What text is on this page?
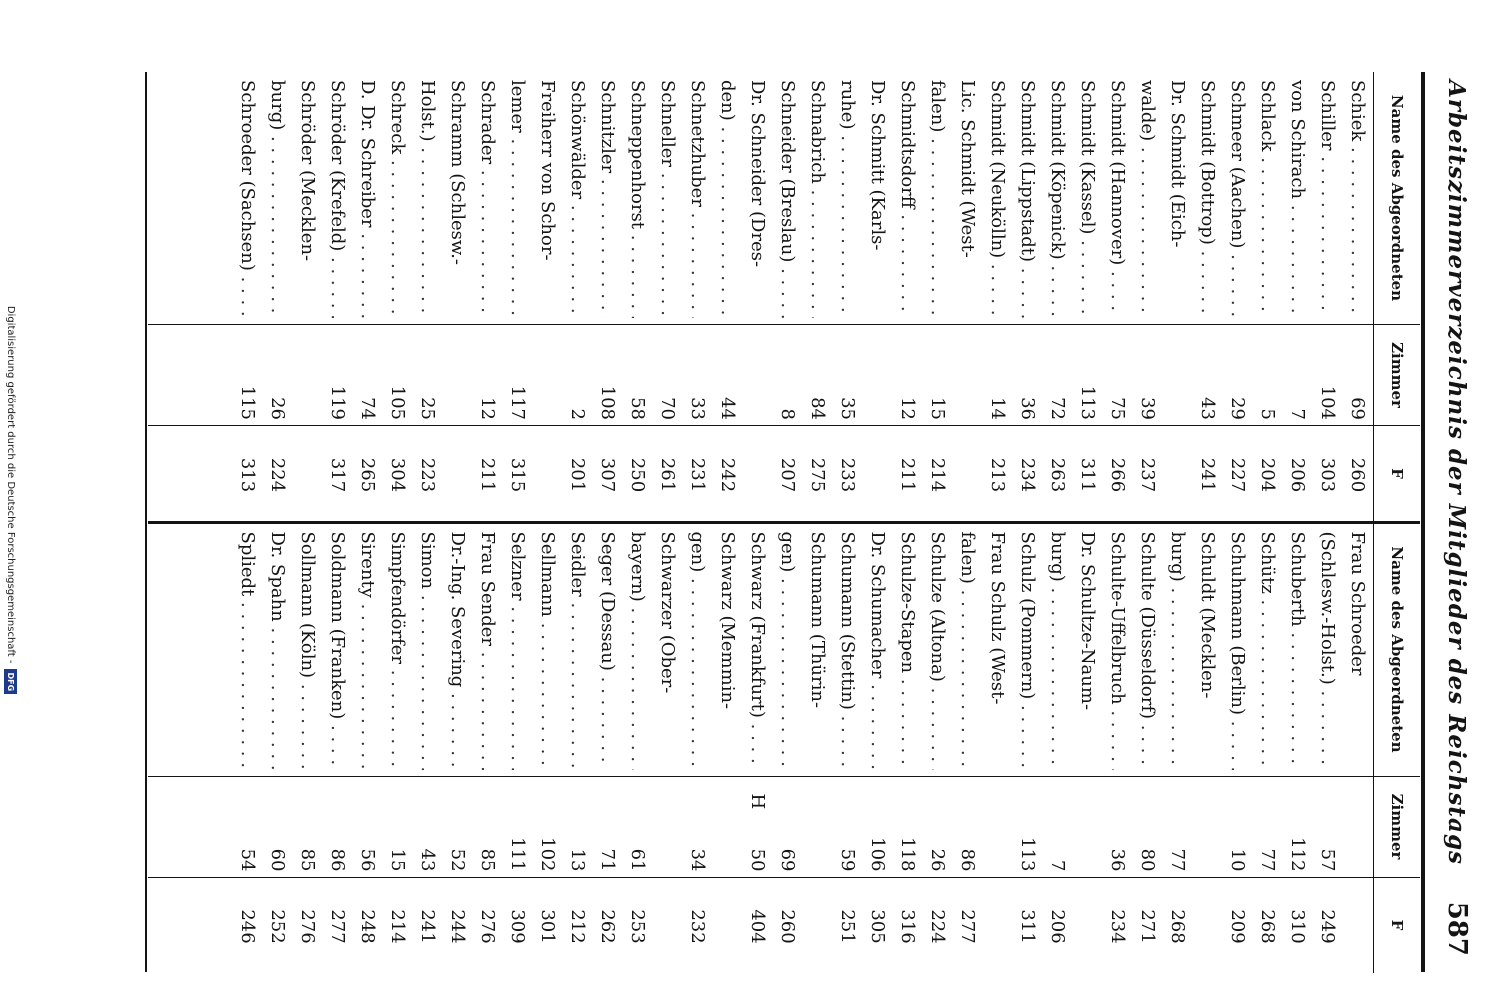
Arbeitszimmerverzeichnis der Mitglieder des Reichstags
587
Name des Abgeordneten
Zimmer
F
Schiek . . .
69
260
Schiller . . .
104
303
von Schirach . . .
7
206
Schlack . . .
5
204
Schmeer (Aachen) . . .
29
227
Schmidt (Bottrop) . . .
43
241
Dr. Schmidt (Eich-
walde) . . .
39
237
Schmidt (Hannover) . . .
75
266
Schmidt (Kassel) . . .
113
311
Schmidt (Köpenick) . . .
72
263
Schmidt (Lippstadt) . . .
36
234
Schmidt (Neukölln) . . .
14
213
Lic. Schmidt (West-
falen) . . .
15
214
Schmidtsdorff . . .
12
211
Dr. Schmitt (Karls-
ruhe) . . .
35
233
Schnabrich . . .
84
275
Schneider (Breslau) . . .
8
207
Dr. Schneider (Dres-
den) . . .
44
242
Schnetzhuber . . .
33
231
Schneller . . .
70
261
Schneppenhorst . . .
58
250
Schnitzler . . .
108
307
Schönwälder . . .
2
201
Freiherr von Schor-
lemer . . .
117
315
Schrader . . .
12
211
Schramm (Schlesw.-
Holst.) . . .
25
223
Schreck . . .
105
304
D. Dr. Schreiber . . .
74
265
Schröder (Krefeld) . . .
119
317
Schröder (Mecklen-
burg) . . .
26
224
Schroeder (Sachsen) . . .
115
313
Name des Abgeordneten
Zimmer
F
Frau Schroeder
(Schlesw.-Holst.) . . .
57
249
Schuberth . . .
112
310
Schütz . . .
77
268
Schuhmann (Berlin) . . .
10
209
Schuldt (Mecklen-
burg) . . .
77
268
Schulte (Düsseldorf) . . .
80
271
Schulte-Uffelbruch . . .
36
234
Dr. Schultze-Naum-
burg) . . .
7
206
Schulz (Pommern) . . .
113
311
Frau Schulz (West-
falen) . . .
86
277
Schulze (Altona) . . .
26
224
Schulze-Stapen . . .
118
316
Dr. Schumacher . . .
106
305
Schumann (Stettin) . . .
59
251
Schumann (Thürin-
gen) . . .
69
260
Schwarz (Frankfurt) . . .
H
50
404
Schwarz (Memmin-
gen) . . .
34
232
Schwarzer (Ober-
bayern) . . .
61
253
Seger (Dessau) . . .
71
262
Seidler . . .
13
212
Sellmann . . .
102
301
Selzner . . .
111
309
Frau Sender . . .
85
276
Dr.-Ing. Severing . . .
52
244
Simon . . .
43
241
Simpfendörfer . . .
15
214
Sirenty . . .
56
248
Soldmann (Franken) . . .
86
277
Sollmann (Köln) . . .
85
276
Dr. Spahn . . .
60
252
Spliedt . . .
54
246
Digitalisierung gefördert durch die Deutsche Forschungsgemeinschaft -
DFG
